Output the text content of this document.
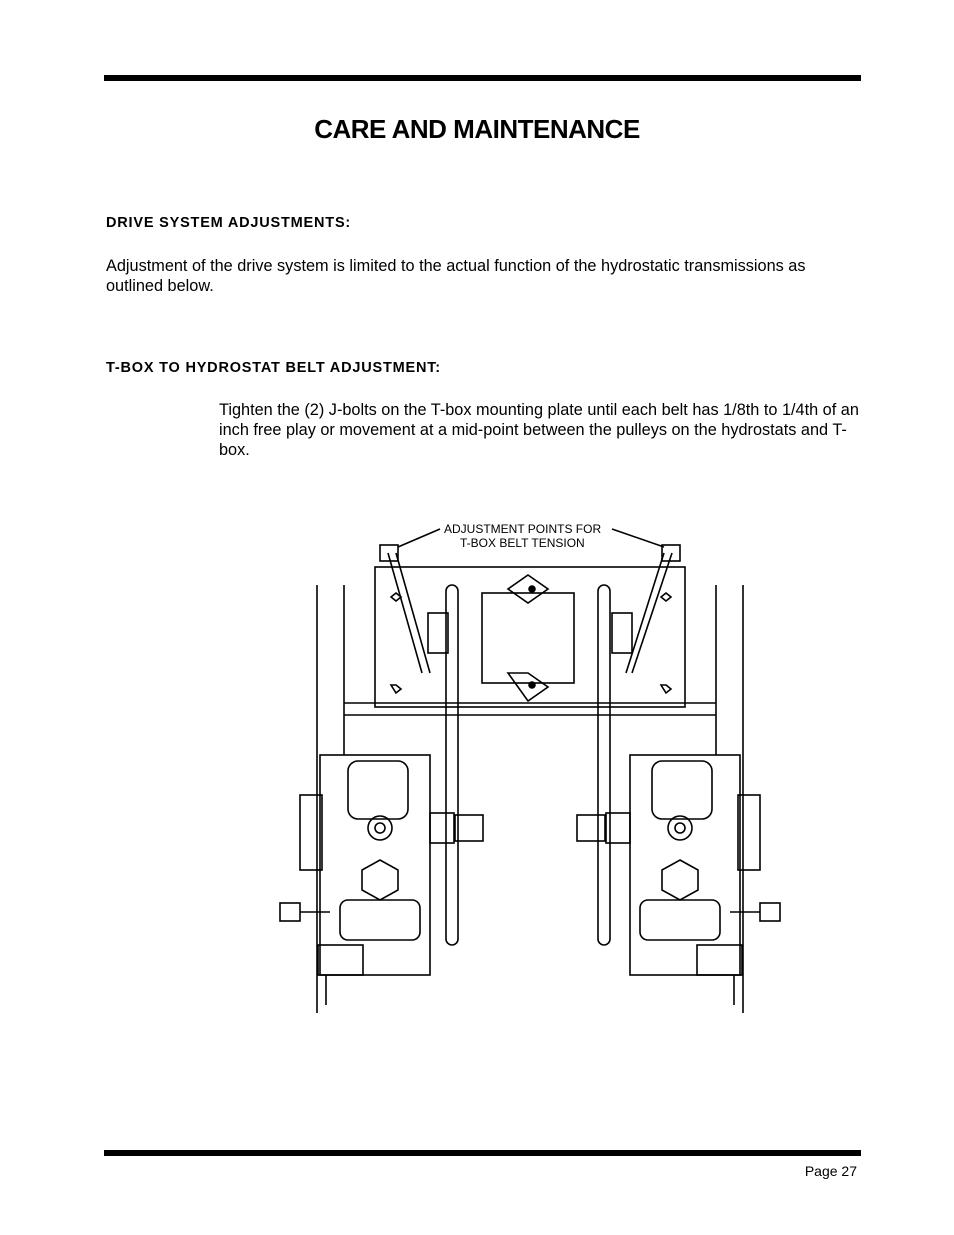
CARE AND MAINTENANCE
DRIVE SYSTEM ADJUSTMENTS:
Adjustment of the drive system is limited to the actual function of the hydrostatic transmissions as outlined below.
T-BOX TO HYDROSTAT BELT ADJUSTMENT:
Tighten the (2) J-bolts on the T-box mounting plate until each belt has 1/8th to 1/4th of an inch free play or movement at a mid-point between the pulleys on the hydrostats and T-box.
ADJUSTMENT POINTS FOR
T-BOX BELT TENSION
Page 27
